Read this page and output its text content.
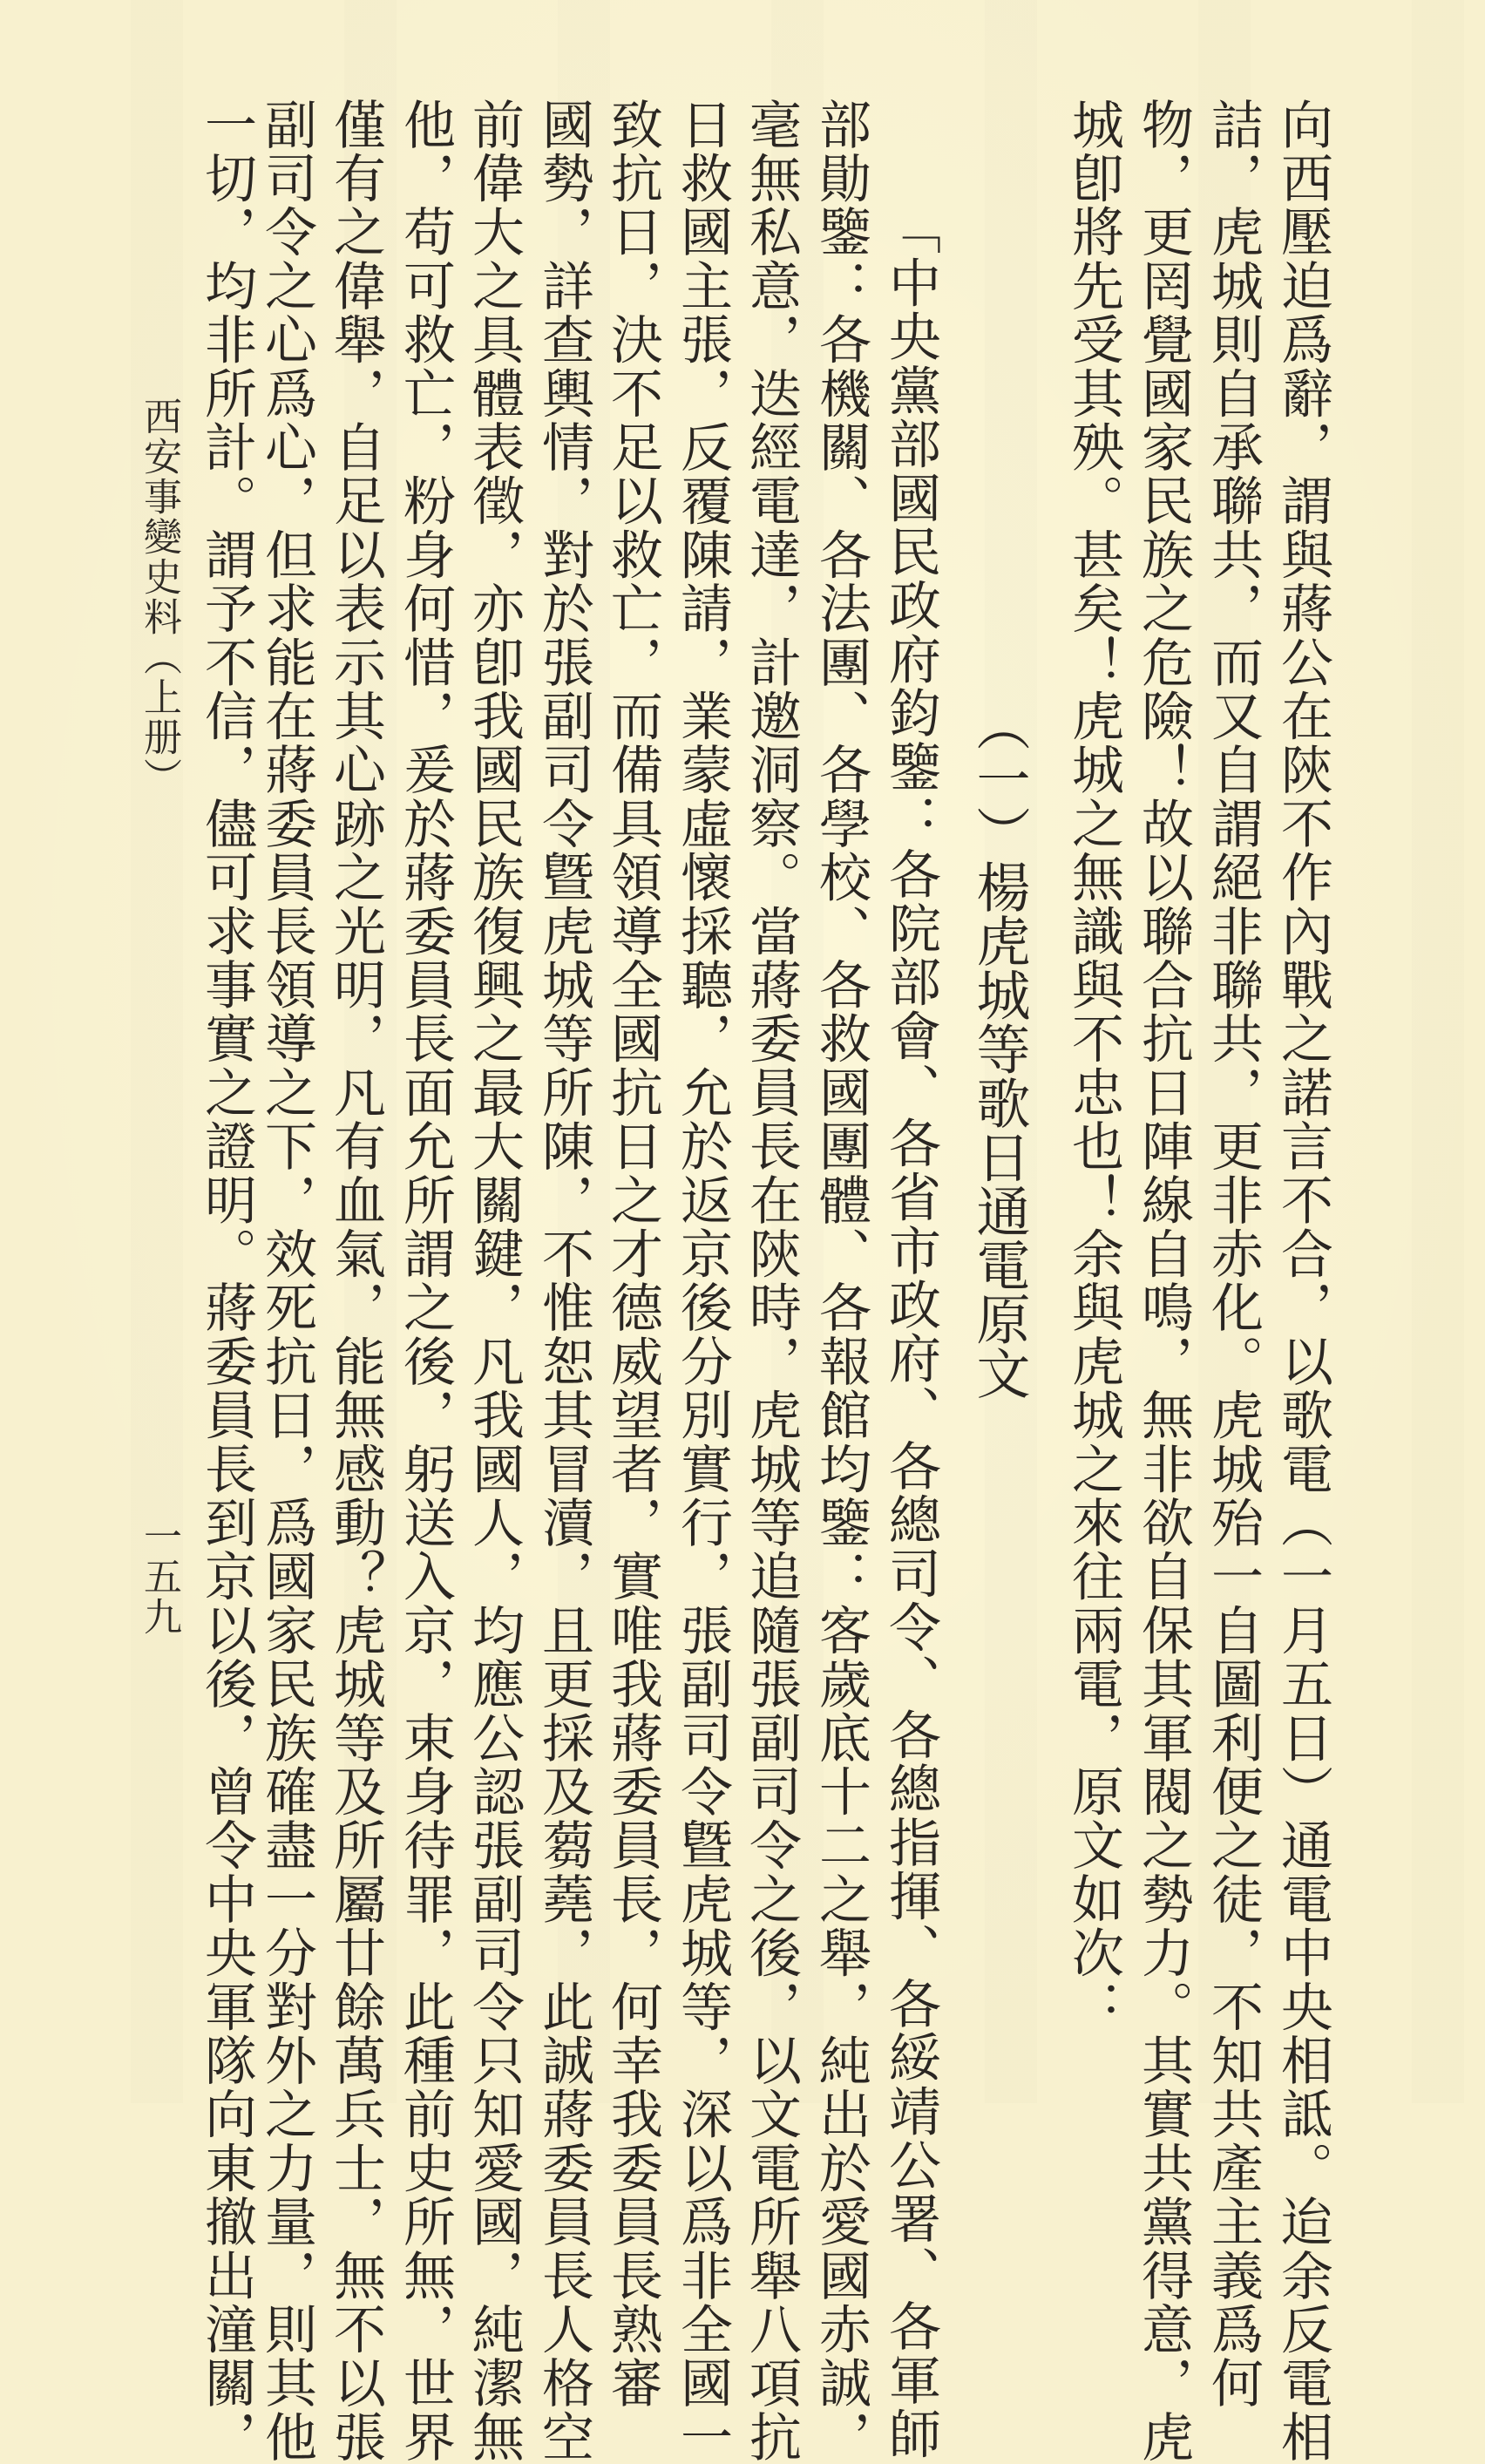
向西壓迫爲辭，謂與蔣公在陝不作內戰之諾言不合，以歌電（一月五日）通電中央相詆。迨余反電相
詰，虎城則自承聯共，而又自謂絕非聯共，更非赤化。虎城殆一自圖利便之徒，不知共產主義爲何
物，更罔覺國家民族之危險！故以聯合抗日陣線自鳴，無非欲自保其軍閥之勢力。其實共黨得意，虎
城卽將先受其殃。甚矣！虎城之無識與不忠也！余與虎城之來往兩電，原文如次：
（一）楊虎城等歌日通電原文
「中央黨部國民政府鈞鑒：各院部會、各省市政府、各總司令、各總指揮、各綏靖公署、各軍師
部勛鑒：各機關、各法團、各學校、各救國團體、各報館均鑒：客歲底十二之舉，純出於愛國赤誠，
毫無私意，迭經電達，計邀洞察。當蔣委員長在陝時，虎城等追隨張副司令之後，以文電所舉八項抗
日救國主張，反覆陳請，業蒙虛懷採聽，允於返京後分別實行，張副司令曁虎城等，深以爲非全國一
致抗日，決不足以救亡，而備具領導全國抗日之才德威望者，實唯我蔣委員長，何幸我委員長熟審
國勢，詳查輿情，對於張副司令曁虎城等所陳，不惟恕其冒瀆，且更採及蒭蕘，此誠蔣委員長人格空
前偉大之具體表徵，亦卽我國民族復興之最大關鍵，凡我國人，均應公認張副司令只知愛國，純潔無
他，苟可救亡，粉身何惜，爰於蔣委員長面允所謂之後，躬送入京，束身待罪，此種前史所無，世界
僅有之偉舉，自足以表示其心跡之光明，凡有血氣，能無感動？虎城等及所屬廿餘萬兵士，無不以張
副司令之心爲心，但求能在蔣委員長領導之下，效死抗日，爲國家民族確盡一分對外之力量，則其他
一切，均非所計。謂予不信，儘可求事實之證明。蔣委員長到京以後，曾令中央軍隊向東撤出潼關，
西安事變史料（上册）
一五九
